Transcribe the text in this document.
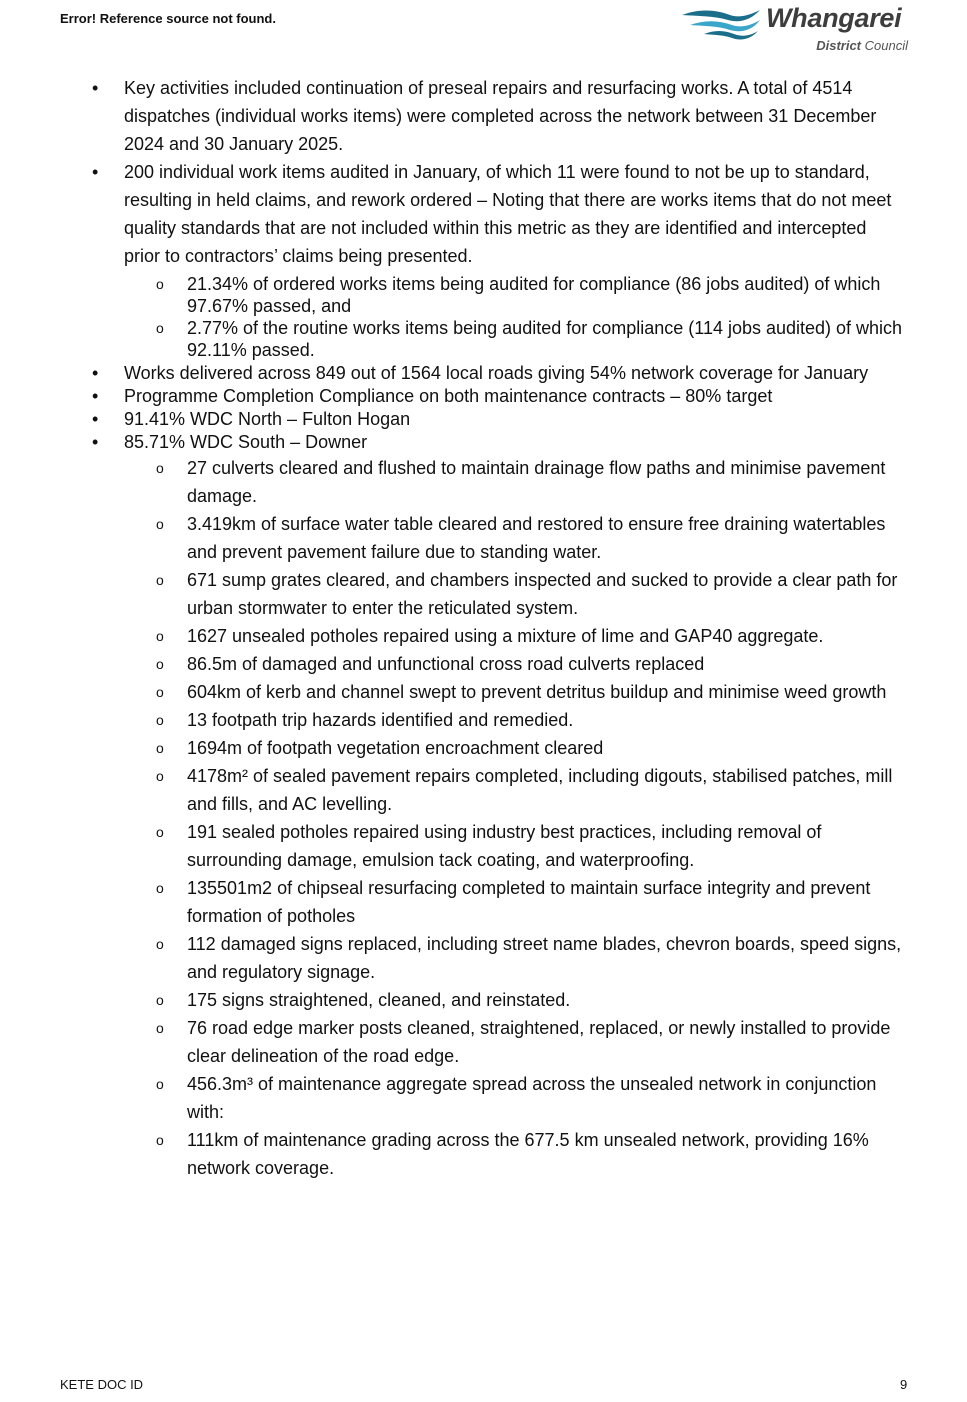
Error! Reference source not found.	Whangarei
District Council
• Key activities included continuation of preseal repairs and resurfacing works. A total of 4514 dispatches (individual works items) were completed across the network between 31 December 2024 and 30 January 2025.
• 200 individual work items audited in January, of which 11 were found to not be up to standard, resulting in held claims, and rework ordered – Noting that there are works items that do not meet quality standards that are not included within this metric as they are identified and intercepted prior to contractors’ claims being presented.
o 21.34% of ordered works items being audited for compliance (86 jobs audited) of which 97.67% passed, and
o 2.77% of the routine works items being audited for compliance (114 jobs audited) of which 92.11% passed.
• Works delivered across 849 out of 1564 local roads giving 54% network coverage for January
• Programme Completion Compliance on both maintenance contracts – 80% target
• 91.41% WDC North – Fulton Hogan
• 85.71% WDC South – Downer
o 27 culverts cleared and flushed to maintain drainage flow paths and minimise pavement damage.
o 3.419km of surface water table cleared and restored to ensure free draining watertables and prevent pavement failure due to standing water.
o 671 sump grates cleared, and chambers inspected and sucked to provide a clear path for urban stormwater to enter the reticulated system.
o 1627 unsealed potholes repaired using a mixture of lime and GAP40 aggregate.
o 86.5m of damaged and unfunctional cross road culverts replaced
o 604km of kerb and channel swept to prevent detritus buildup and minimise weed growth
o 13 footpath trip hazards identified and remedied.
o 1694m of footpath vegetation encroachment cleared
o 4178m² of sealed pavement repairs completed, including digouts, stabilised patches, mill and fills, and AC levelling.
o 191 sealed potholes repaired using industry best practices, including removal of surrounding damage, emulsion tack coating, and waterproofing.
o 135501m2 of chipseal resurfacing completed to maintain surface integrity and prevent formation of potholes
o 112 damaged signs replaced, including street name blades, chevron boards, speed signs, and regulatory signage.
o 175 signs straightened, cleaned, and reinstated.
o 76 road edge marker posts cleaned, straightened, replaced, or newly installed to provide clear delineation of the road edge.
o 456.3m³ of maintenance aggregate spread across the unsealed network in conjunction with:
o 111km of maintenance grading across the 677.5 km unsealed network, providing 16% network coverage.
KETE DOC ID	9
